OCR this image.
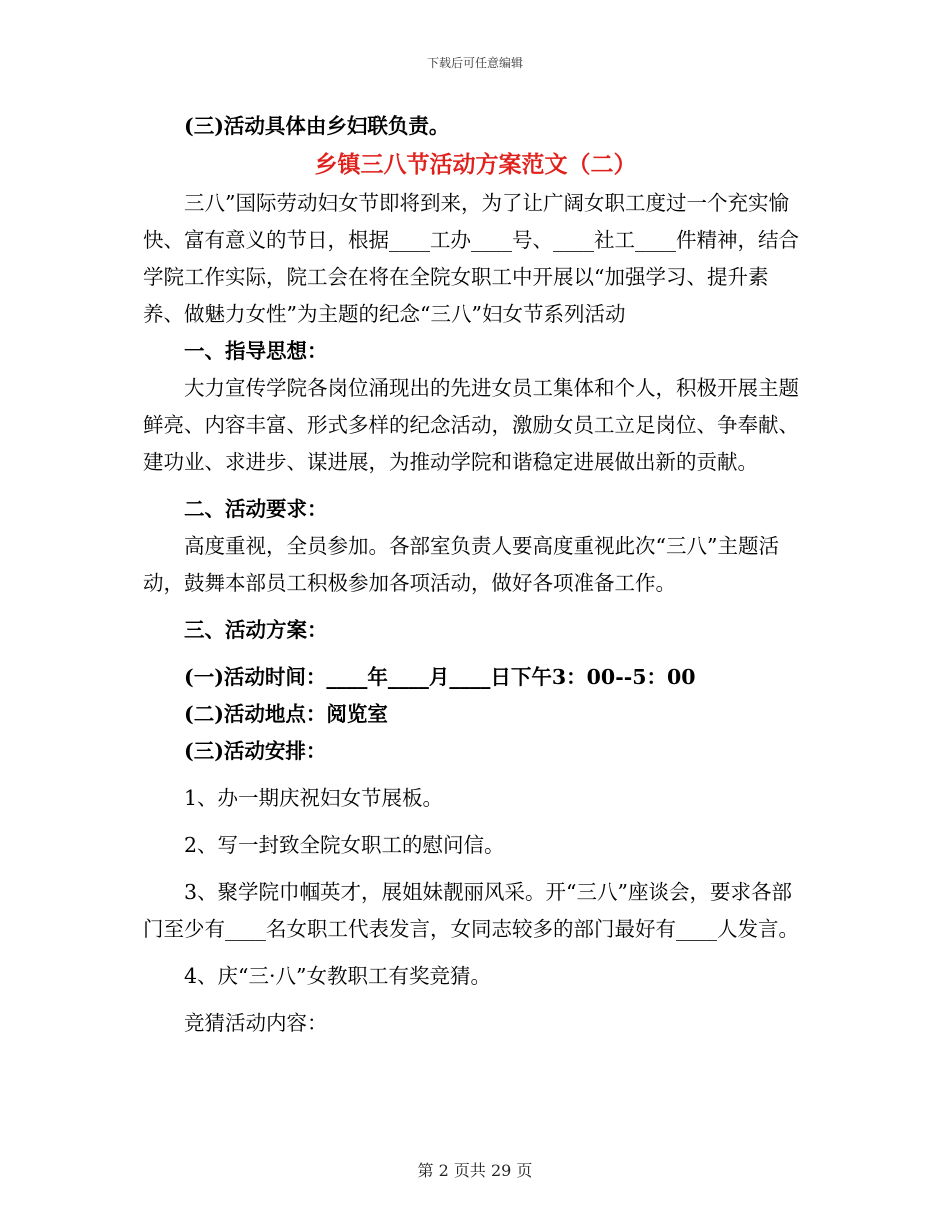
下载后可任意编辑

(三)活动具体由乡妇联负责。

乡镇三八节活动方案范文（二）

三八”国际劳动妇女节即将到来，为了让广阔女职工度过一个充实愉快、富有意义的节日，根据____工办____号、____社工____件精神，结合学院工作实际，院工会在将在全院女职工中开展以“加强学习、提升素养、做魅力女性”为主题的纪念“三八”妇女节系列活动

一、指导思想：

大力宣传学院各岗位涌现出的先进女员工集体和个人，积极开展主题鲜亮、内容丰富、形式多样的纪念活动，激励女员工立足岗位、争奉献、建功业、求进步、谋进展，为推动学院和谐稳定进展做出新的贡献。

二、活动要求：

高度重视，全员参加。各部室负责人要高度重视此次“三八”主题活动，鼓舞本部员工积极参加各项活动，做好各项准备工作。

三、活动方案：

(一)活动时间：____年____月____日下午3：00--5：00

(二)活动地点：阅览室

(三)活动安排：

1、办一期庆祝妇女节展板。

2、写一封致全院女职工的慰问信。

3、聚学院巾帼英才，展姐妹靓丽风采。开“三八”座谈会，要求各部门至少有____名女职工代表发言，女同志较多的部门最好有____人发言。

4、庆“三·八”女教职工有奖竞猜。

竞猜活动内容：

第 2 页共 29 页
